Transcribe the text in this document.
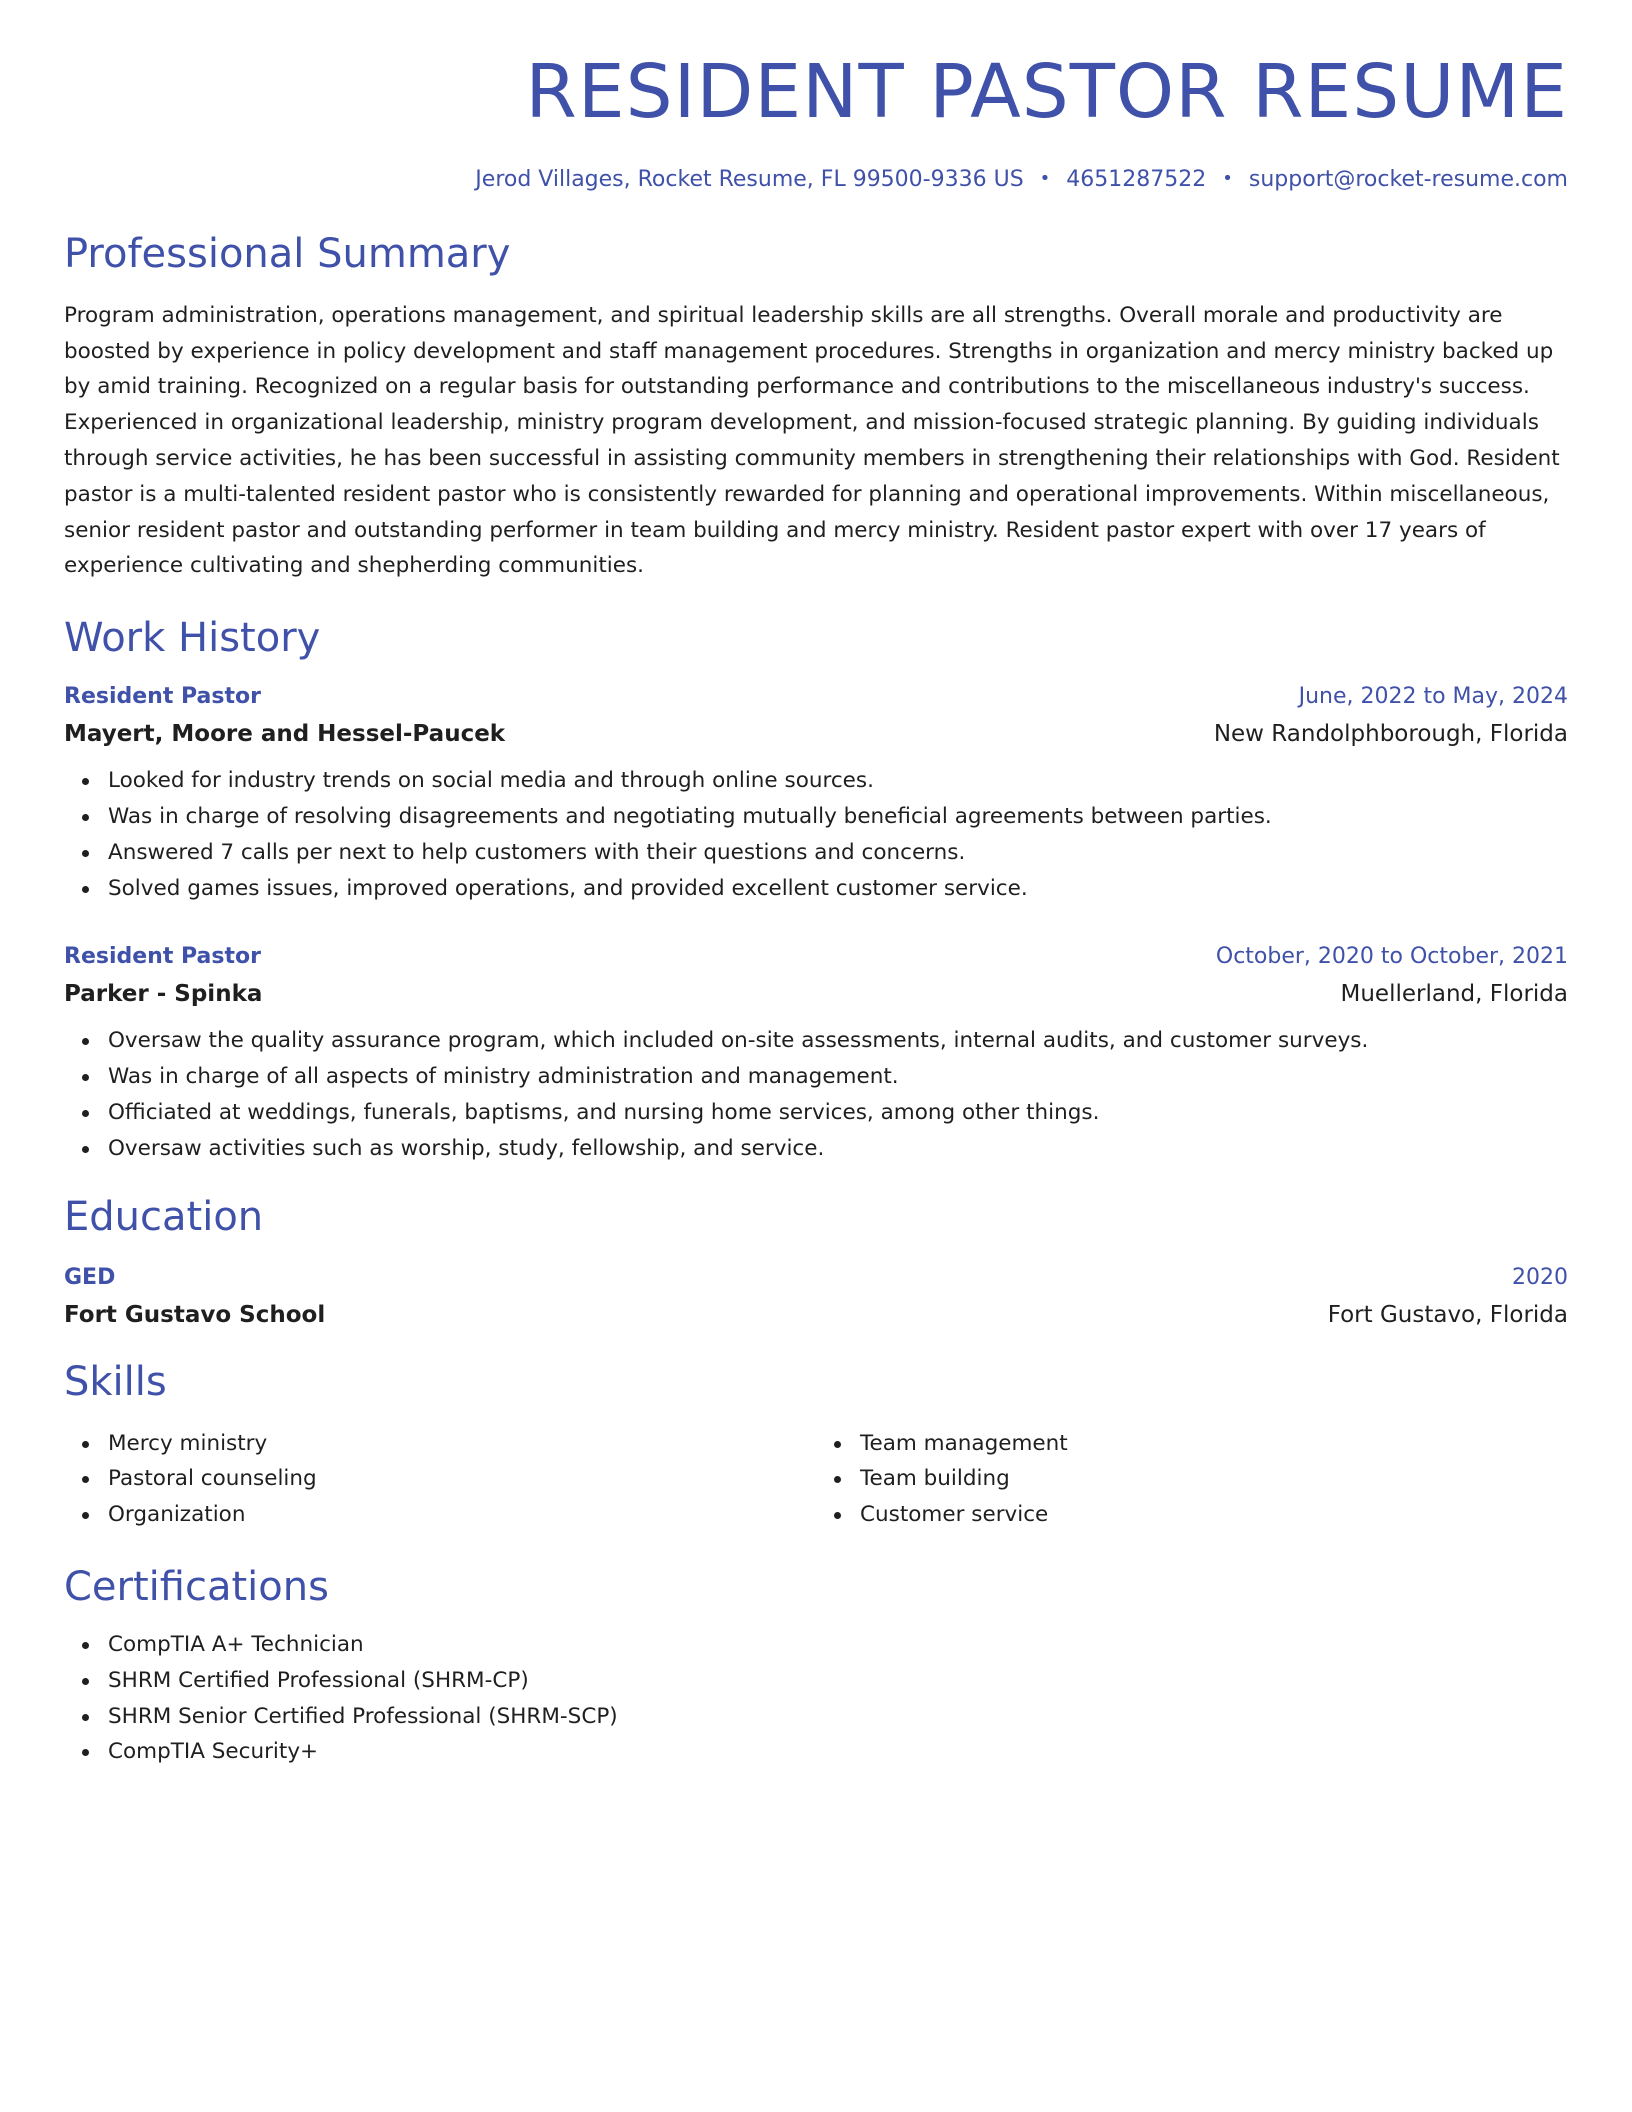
RESIDENT PASTOR RESUME
Jerod Villages, Rocket Resume, FL 99500-9336 US • 4651287522 • support@rocket-resume.com
Professional Summary
Program administration, operations management, and spiritual leadership skills are all strengths. Overall morale and productivity are boosted by experience in policy development and staff management procedures. Strengths in organization and mercy ministry backed up by amid training. Recognized on a regular basis for outstanding performance and contributions to the miscellaneous industry's success. Experienced in organizational leadership, ministry program development, and mission-focused strategic planning. By guiding individuals through service activities, he has been successful in assisting community members in strengthening their relationships with God. Resident pastor is a multi-talented resident pastor who is consistently rewarded for planning and operational improvements. Within miscellaneous, senior resident pastor and outstanding performer in team building and mercy ministry. Resident pastor expert with over 17 years of experience cultivating and shepherding communities.
Work History
Resident Pastor	June, 2022 to May, 2024
Mayert, Moore and Hessel-Paucek	New Randolphborough, Florida
Looked for industry trends on social media and through online sources.
Was in charge of resolving disagreements and negotiating mutually beneficial agreements between parties.
Answered 7 calls per next to help customers with their questions and concerns.
Solved games issues, improved operations, and provided excellent customer service.
Resident Pastor	October, 2020 to October, 2021
Parker - Spinka	Muellerland, Florida
Oversaw the quality assurance program, which included on-site assessments, internal audits, and customer surveys.
Was in charge of all aspects of ministry administration and management.
Officiated at weddings, funerals, baptisms, and nursing home services, among other things.
Oversaw activities such as worship, study, fellowship, and service.
Education
GED	2020
Fort Gustavo School	Fort Gustavo, Florida
Skills
Mercy ministry
Pastoral counseling
Organization
Team management
Team building
Customer service
Certifications
CompTIA A+ Technician
SHRM Certified Professional (SHRM-CP)
SHRM Senior Certified Professional (SHRM-SCP)
CompTIA Security+
